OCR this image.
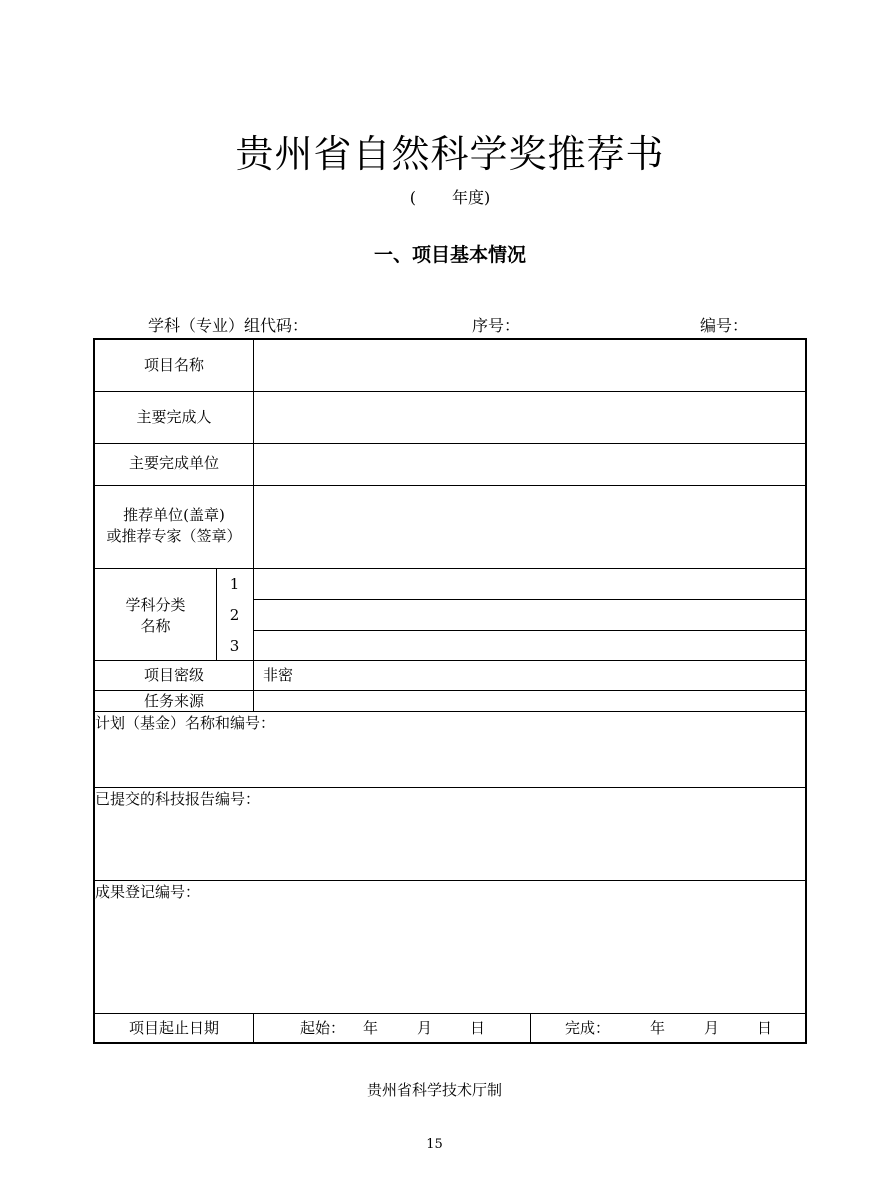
贵州省自然科学奖推荐书
( 年度)
一、项目基本情况
学科（专业）组代码：	序号：	编号：
项目名称
主要完成人
主要完成单位
推荐单位(盖章)
或推荐专家（签章）
学科分类
名称
1
2
3
项目密级	非密
任务来源
计划（基金）名称和编号：
已提交的科技报告编号：
成果登记编号：
项目起止日期	起始： 年	月	日	完成：	年	月	日
贵州省科学技术厅制
15
